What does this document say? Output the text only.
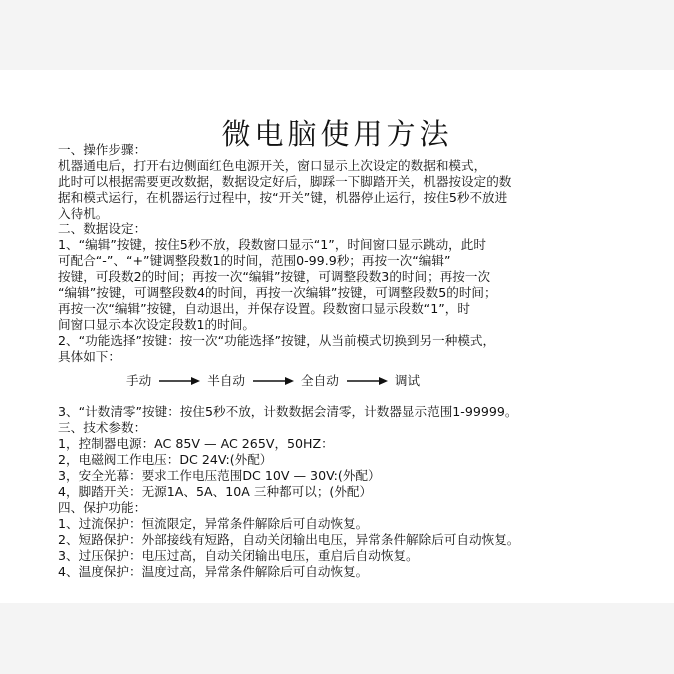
微电脑使用方法
一、操作步骤：
机器通电后，打开右边侧面红色电源开关，窗口显示上次设定的数据和模式，
此时可以根据需要更改数据，数据设定好后，脚踩一下脚踏开关，机器按设定的数
据和模式运行，在机器运行过程中，按“开关”键，机器停止运行，按住5秒不放进
入待机。
二、数据设定：
1、“编辑”按键，按住5秒不放，段数窗口显示“1”，时间窗口显示跳动，此时
可配合“-”、“+”键调整段数1的时间，范围0-99.9秒；再按一次“编辑”
按键，可段数2的时间；再按一次“编辑”按键，可调整段数3的时间；再按一次
“编辑”按键，可调整段数4的时间，再按一次编辑”按键，可调整段数5的时间；
再按一次“编辑”按键，自动退出，并保存设置。段数窗口显示段数“1”，时
间窗口显示本次设定段数1的时间。
2、“功能选择”按键：按一次“功能选择”按键，从当前模式切换到另一种模式，
具体如下：
手动	半自动	全自动	调试
3、“计数清零”按键：按住5秒不放，计数数据会清零，计数器显示范围1-99999。
三、技术参数：
1，控制器电源：AC 85V — AC 265V，50HZ：
2，电磁阀工作电压：DC 24V:(外配）
3，安全光幕：要求工作电压范围DC 10V — 30V:(外配）
4，脚踏开关：无源1A、5A、10A 三种都可以；(外配）
四、保护功能：
1、过流保护：恒流限定，异常条件解除后可自动恢复。
2、短路保护：外部接线有短路，自动关闭输出电压，异常条件解除后可自动恢复。
3、过压保护：电压过高，自动关闭输出电压，重启后自动恢复。
4、温度保护：温度过高，异常条件解除后可自动恢复。
